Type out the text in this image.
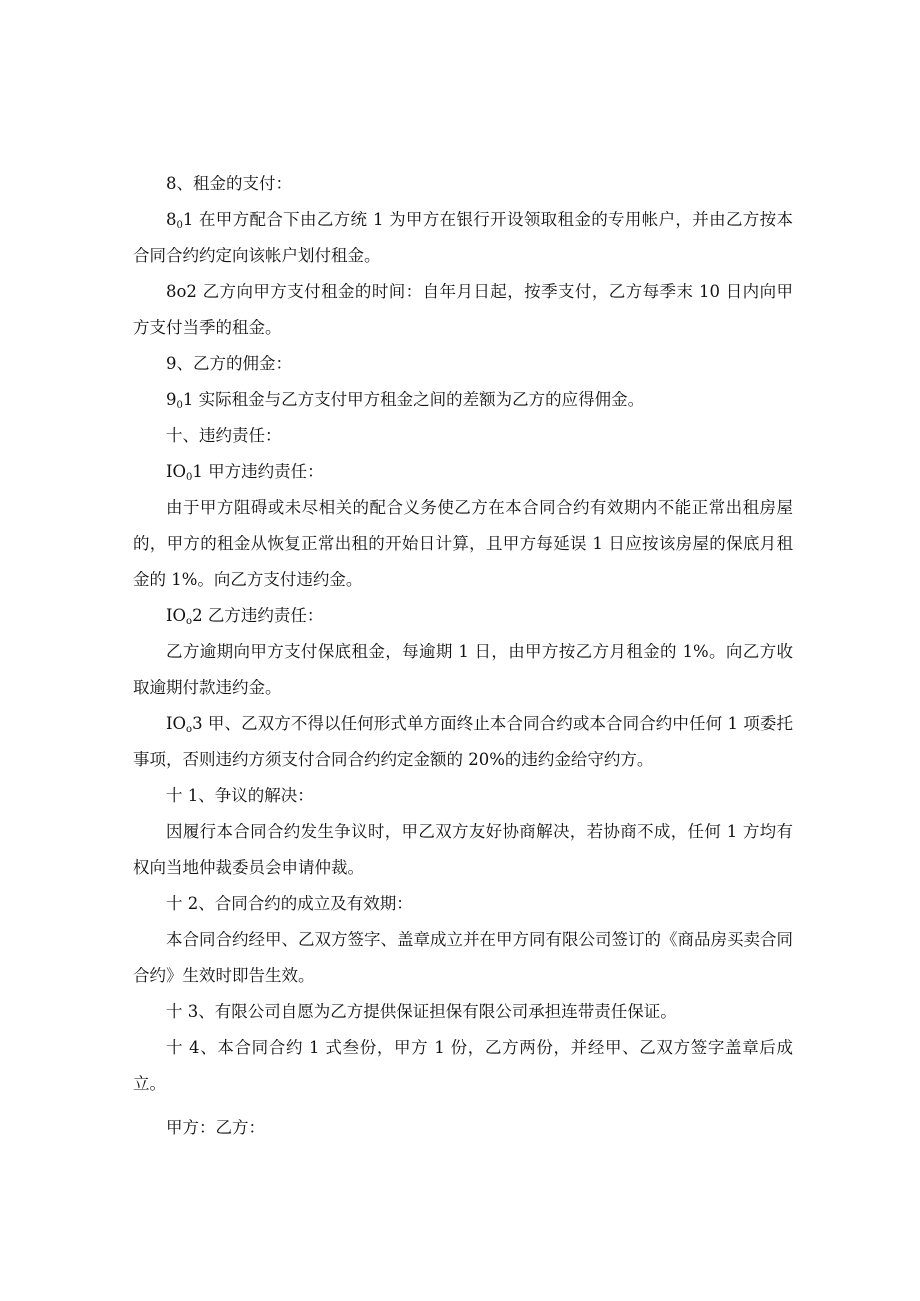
8、租金的支付：

$8_01$ 在甲方配合下由乙方统 1 为甲方在银行开设领取租金的专用帐户，并由乙方按本合同合约约定向该帐户划付租金。

8o2 乙方向甲方支付租金的时间：自年月日起，按季支付，乙方每季末 10 日内向甲方支付当季的租金。

9、乙方的佣金：

$9_01$ 实际租金与乙方支付甲方租金之间的差额为乙方的应得佣金。

十、违约责任：

$IO_01$ 甲方违约责任：

由于甲方阻碍或未尽相关的配合义务使乙方在本合同合约有效期内不能正常出租房屋的，甲方的租金从恢复正常出租的开始日计算，且甲方每延误 1 日应按该房屋的保底月租金的 1%。向乙方支付违约金。

$IO_o2$ 乙方违约责任：

乙方逾期向甲方支付保底租金，每逾期 1 日，由甲方按乙方月租金的 1%。向乙方收取逾期付款违约金。

$IO_o3$ 甲、乙双方不得以任何形式单方面终止本合同合约或本合同合约中任何 1 项委托事项，否则违约方须支付合同合约约定金额的 20%的违约金给守约方。

十 1、争议的解决：

因履行本合同合约发生争议时，甲乙双方友好协商解决，若协商不成，任何 1 方均有权向当地仲裁委员会申请仲裁。

十 2、合同合约的成立及有效期：

本合同合约经甲、乙双方签字、盖章成立并在甲方同有限公司签订的《商品房买卖合同合约》生效时即告生效。

十 3、有限公司自愿为乙方提供保证担保有限公司承担连带责任保证。

十 4、本合同合约 1 式叁份，甲方 1 份，乙方两份，并经甲、乙双方签字盖章后成立。

甲方：乙方：
